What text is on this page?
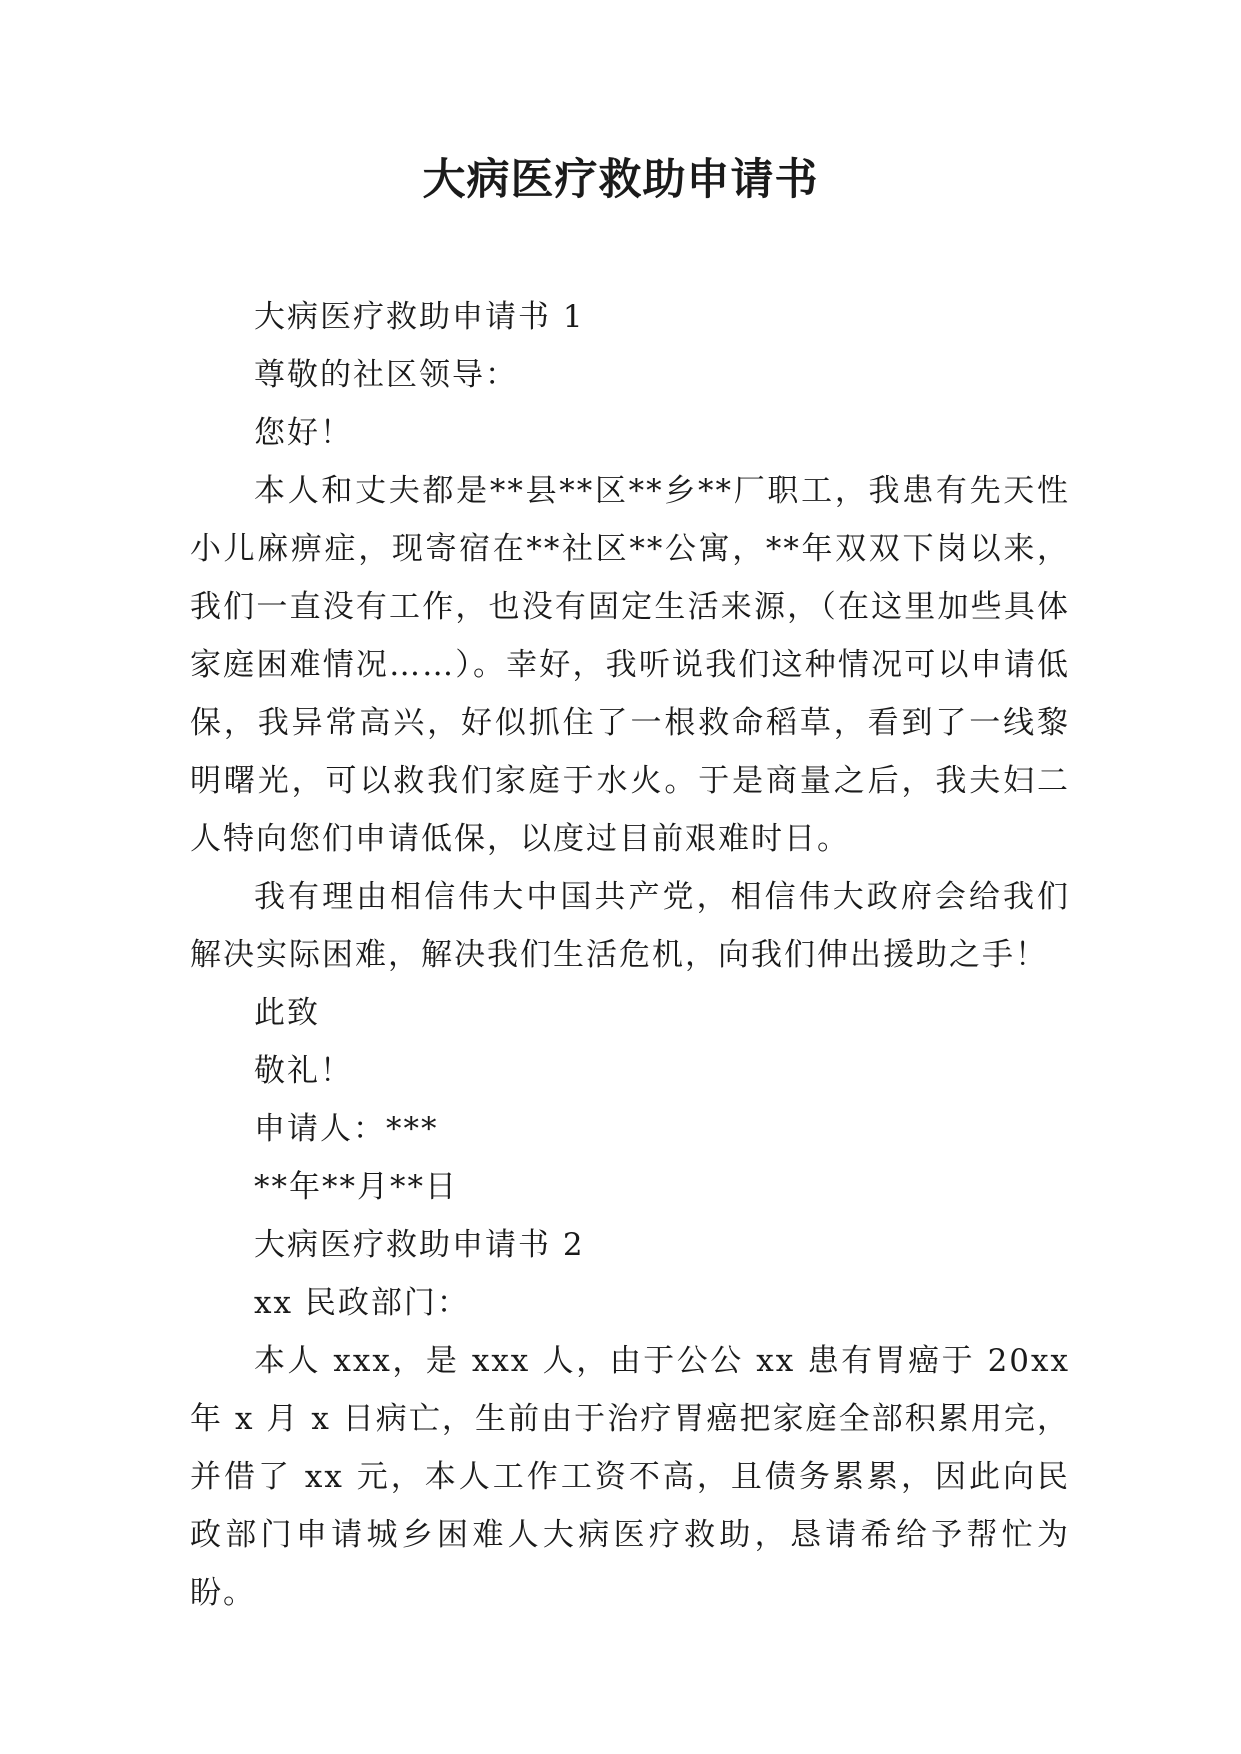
大病医疗救助申请书

大病医疗救助申请书 1

尊敬的社区领导：

您好！

本人和丈夫都是**县**区**乡**厂职工，我患有先天性小儿麻痹症，现寄宿在**社区**公寓，**年双双下岗以来，我们一直没有工作，也没有固定生活来源，（在这里加些具体家庭困难情况……）。幸好，我听说我们这种情况可以申请低保，我异常高兴，好似抓住了一根救命稻草，看到了一线黎明曙光，可以救我们家庭于水火。于是商量之后，我夫妇二人特向您们申请低保，以度过目前艰难时日。

我有理由相信伟大中国共产党，相信伟大政府会给我们解决实际困难，解决我们生活危机，向我们伸出援助之手！

此致

敬礼！

申请人：***

**年**月**日

大病医疗救助申请书 2

xx 民政部门：

本人 xxx，是 xxx 人，由于公公 xx 患有胃癌于 20xx 年 x 月 x 日病亡，生前由于治疗胃癌把家庭全部积累用完，并借了 xx 元，本人工作工资不高，且债务累累，因此向民政部门申请城乡困难人大病医疗救助，恳请希给予帮忙为盼。
